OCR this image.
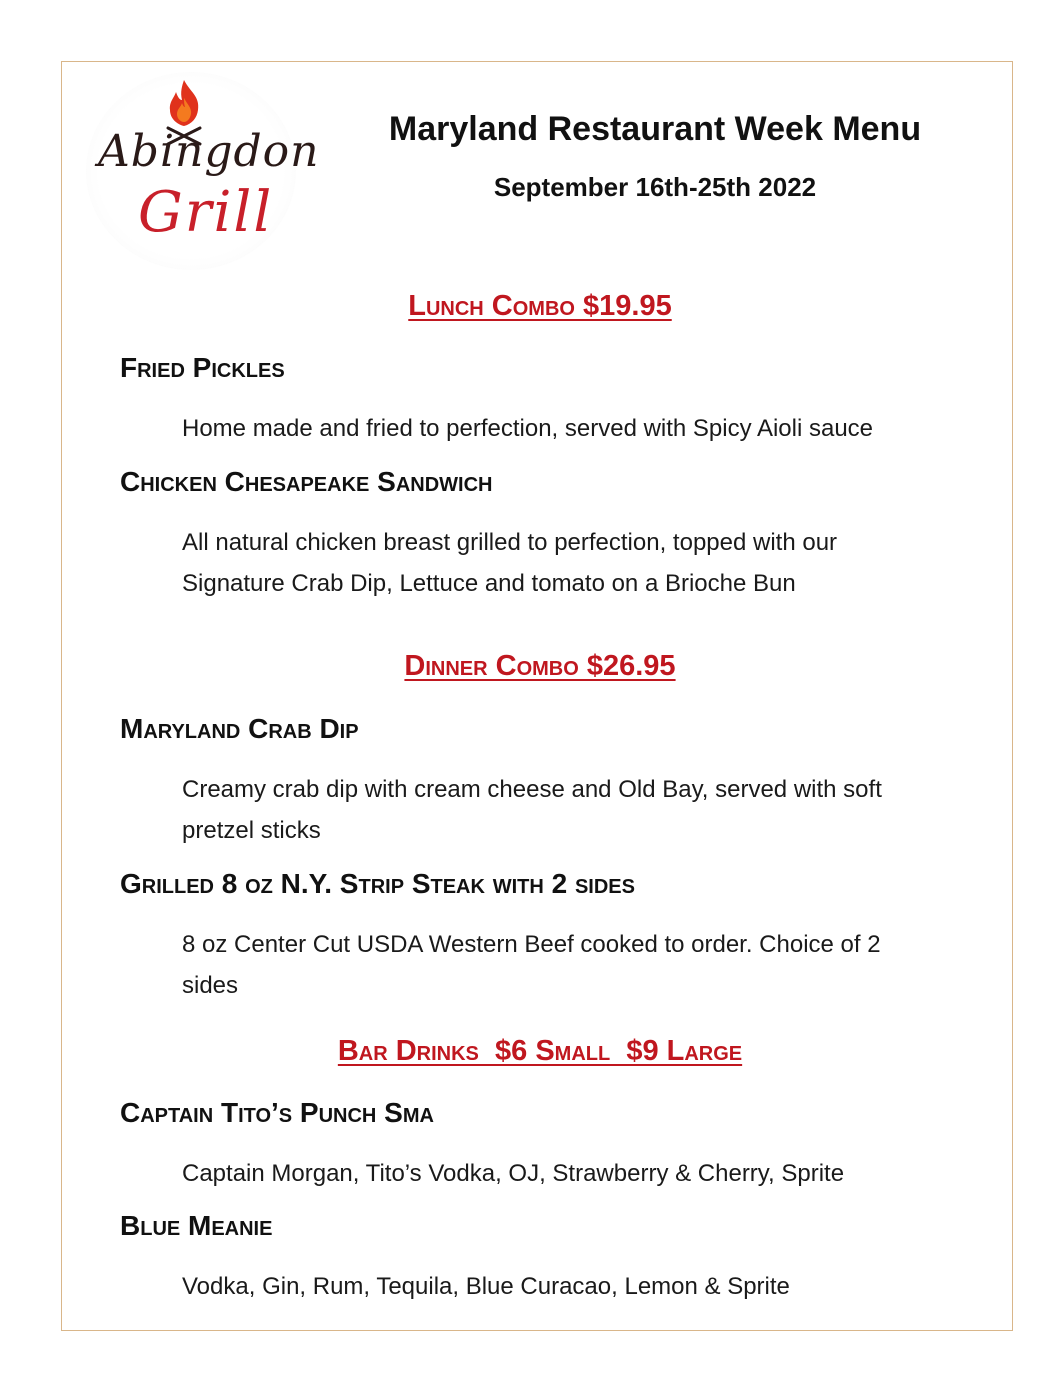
Abingdon
Grill
Maryland Restaurant Week Menu
September 16th-25th 2022
Lunch Combo $19.95
Fried Pickles
Home made and fried to perfection, served with Spicy Aioli sauce
Chicken Chesapeake Sandwich
All natural chicken breast grilled to perfection, topped with our Signature Crab Dip, Lettuce and tomato on a Brioche Bun
Dinner Combo $26.95
Maryland Crab Dip
Creamy crab dip with cream cheese and Old Bay, served with soft pretzel sticks
Grilled 8 oz N.Y. Strip Steak with 2 sides
8 oz Center Cut USDA Western Beef cooked to order. Choice of 2 sides
Bar Drinks  $6 Small  $9 Large
Captain Tito’s Punch Sma
Captain Morgan, Tito’s Vodka, OJ, Strawberry & Cherry, Sprite
Blue Meanie
Vodka, Gin, Rum, Tequila, Blue Curacao, Lemon & Sprite
